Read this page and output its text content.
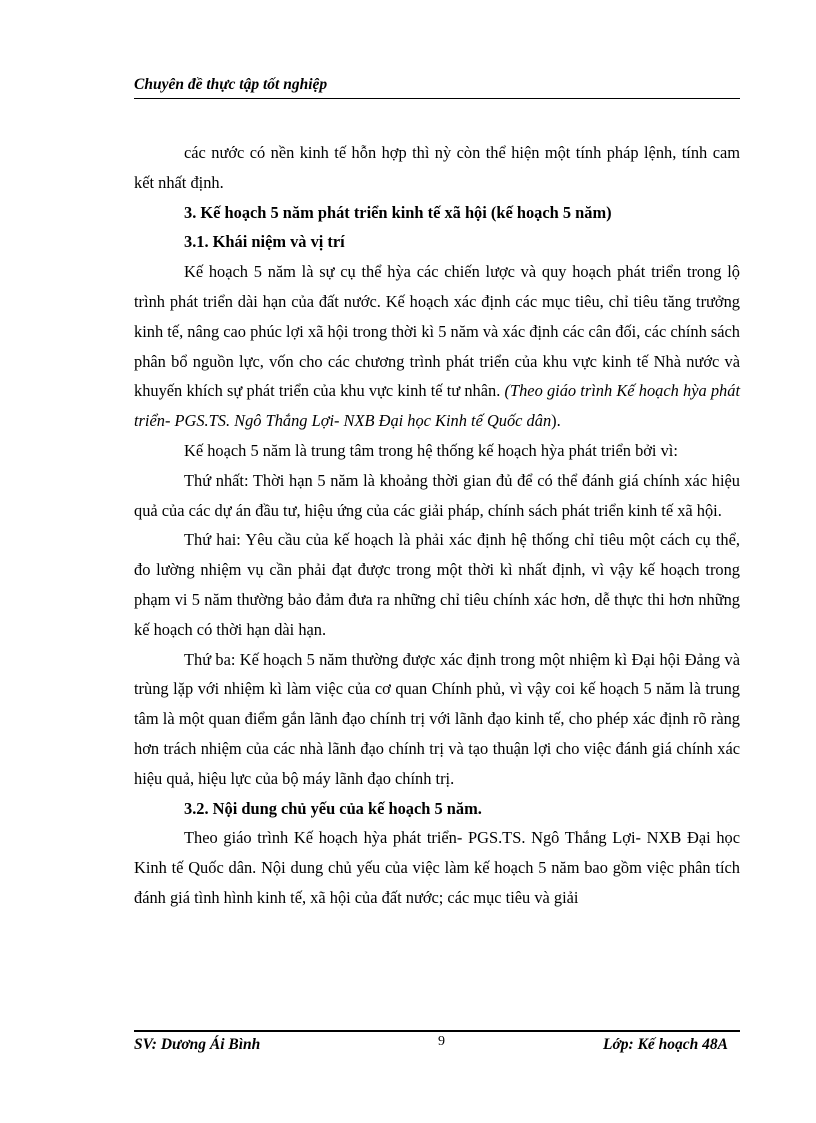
Chuyên đề thực tập tốt nghiệp

các nước có nền kinh tế hỗn hợp thì nỳ còn thể hiện một tính pháp lệnh, tính cam kết nhất định.

3. Kế hoạch 5 năm phát triển kinh tế xã hội (kế hoạch 5 năm)

3.1. Khái niệm và vị trí

Kế hoạch 5 năm là sự cụ thể hỳa các chiến lược và quy hoạch phát triển trong lộ trình phát triển dài hạn của đất nước. Kế hoạch xác định các mục tiêu, chỉ tiêu tăng trưởng kinh tế, nâng cao phúc lợi xã hội trong thời kì 5 năm và xác định các cân đối, các chính sách phân bổ nguồn lực, vốn cho các chương trình phát triển của khu vực kinh tế Nhà nước và khuyến khích sự phát triển của khu vực kinh tế tư nhân. (Theo giáo trình Kế hoạch hỳa phát triển- PGS.TS. Ngô Thắng Lợi- NXB Đại học Kinh tế Quốc dân).

Kế hoạch 5 năm là trung tâm trong hệ thống kế hoạch hỳa phát triển bởi vì:

Thứ nhất: Thời hạn 5 năm là khoảng thời gian đủ để có thể đánh giá chính xác hiệu quả của các dự án đầu tư, hiệu ứng của các giải pháp, chính sách phát triển kinh tế xã hội.

Thứ hai: Yêu cầu của kế hoạch là phải xác định hệ thống chỉ tiêu một cách cụ thể, đo lường nhiệm vụ cần phải đạt được trong một thời kì nhất định, vì vậy kế hoạch trong phạm vi 5 năm thường bảo đảm đưa ra những chỉ tiêu chính xác hơn, dễ thực thi hơn những kế hoạch có thời hạn dài hạn.

Thứ ba: Kế hoạch 5 năm thường được xác định trong một nhiệm kì Đại hội Đảng và trùng lặp với nhiệm kì làm việc của cơ quan Chính phủ, vì vậy coi kế hoạch 5 năm là trung tâm là một quan điểm gắn lãnh đạo chính trị với lãnh đạo kinh tế, cho phép xác định rõ ràng hơn trách nhiệm của các nhà lãnh đạo chính trị và tạo thuận lợi cho việc đánh giá chính xác hiệu quả, hiệu lực của bộ máy lãnh đạo chính trị.

3.2. Nội dung chủ yếu của kế hoạch 5 năm.

Theo giáo trình Kế hoạch hỳa phát triển- PGS.TS. Ngô Thắng Lợi- NXB Đại học Kinh tế Quốc dân. Nội dung chủ yếu của việc làm kế hoạch 5 năm bao gồm việc phân tích đánh giá tình hình kinh tế, xã hội của đất nước; các mục tiêu và giải

SV: Dương Ái Bình	9	Lớp: Kế hoạch 48A
